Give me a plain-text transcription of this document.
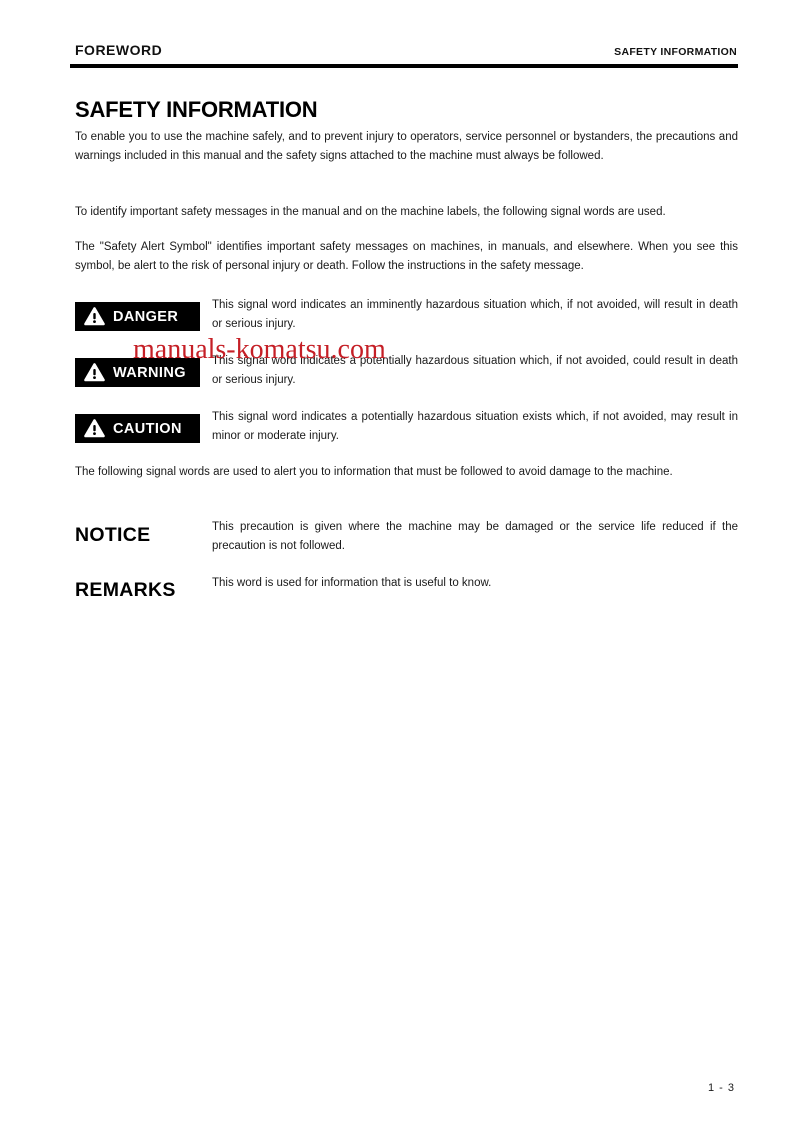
FOREWORD	SAFETY INFORMATION
SAFETY INFORMATION
To enable you to use the machine safely, and to prevent injury to operators, service personnel or bystanders, the precautions and warnings included in this manual and the safety signs attached to the machine must always be followed.
To identify important safety messages in the manual and on the machine labels, the following signal words are used.
The "Safety Alert Symbol" identifies important safety messages on machines, in manuals, and elsewhere. When you see this symbol, be alert to the risk of personal injury or death. Follow the instructions in the safety message.
DANGER
This signal word indicates an imminently hazardous situation which, if not avoided, will result in death or serious injury.
WARNING
This signal word indicates a potentially hazardous situation which, if not avoided, could result in death or serious injury.
CAUTION
This signal word indicates a potentially hazardous situation exists which, if not avoided, may result in minor or moderate injury.
The following signal words are used to alert you to information that must be followed to avoid damage to the machine.
NOTICE	This precaution is given where the machine may be damaged or the service life reduced if the precaution is not followed.
REMARKS	This word is used for information that is useful to know.
manuals-komatsu.com
1 - 3
